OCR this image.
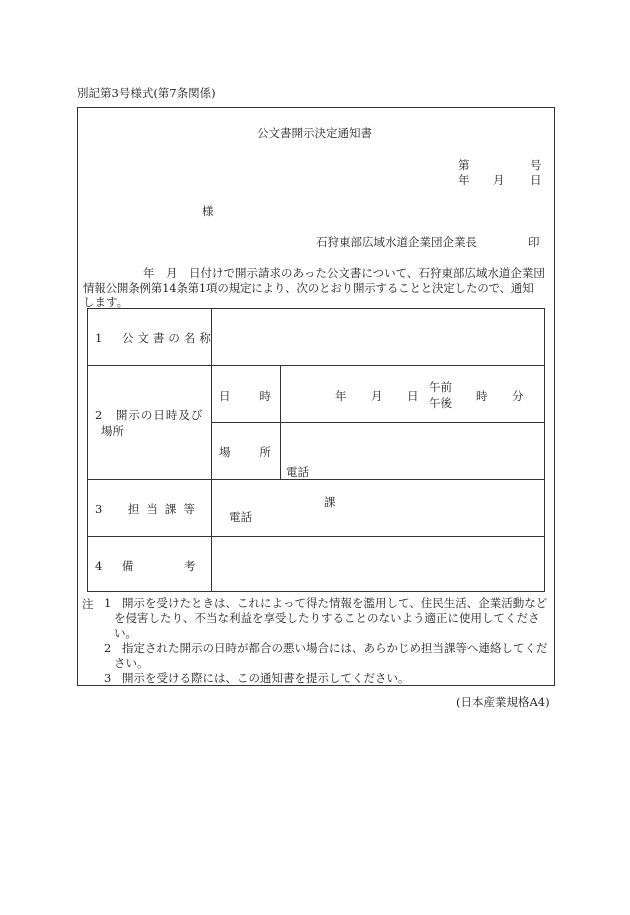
別記第3号様式(第7条関係)
公文書開示決定通知書
第	号
年 月 日
様
石狩東部広域水道企業団企業長	印
年　月　日付けで開示請求のあった公文書について、石狩東部広域水道企業団
情報公開条例第14条第1項の規定により、次のとおり開示することと決定したので、通知
します。
1　公文書の名称
2　開示の日時及び
場所
日　　時	年 月 日
午前
午後 時 分
場　　所
電話
3　担当課等	課
電話
4　備　　　考
注 1 開示を受けたときは、これによって得た情報を濫用して、住民生活、企業活動などを侵害したり、不当な利益を享受したりすることのないよう適正に使用してください。
2 指定された開示の日時が都合の悪い場合には、あらかじめ担当課等へ連絡してください。
3 開示を受ける際には、この通知書を提示してください。
(日本産業規格A4)
